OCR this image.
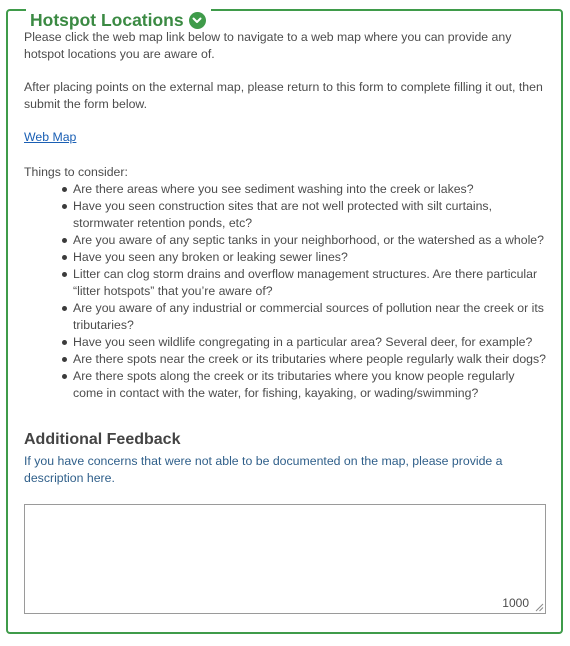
Hotspot Locations

Please click the web map link below to navigate to a web map where you can provide any hotspot locations you are aware of.

After placing points on the external map, please return to this form to complete filling it out, then submit the form below.

Web Map

Things to consider:

Are there areas where you see sediment washing into the creek or lakes?
Have you seen construction sites that are not well protected with silt curtains, stormwater retention ponds, etc?
Are you aware of any septic tanks in your neighborhood, or the watershed as a whole?
Have you seen any broken or leaking sewer lines?
Litter can clog storm drains and overflow management structures. Are there particular “litter hotspots” that you’re aware of?
Are you aware of any industrial or commercial sources of pollution near the creek or its tributaries?
Have you seen wildlife congregating in a particular area? Several deer, for example?
Are there spots near the creek or its tributaries where people regularly walk their dogs?
Are there spots along the creek or its tributaries where you know people regularly come in contact with the water, for fishing, kayaking, or wading/swimming?
Additional Feedback
If you have concerns that were not able to be documented on the map, please provide a description here.
1000
